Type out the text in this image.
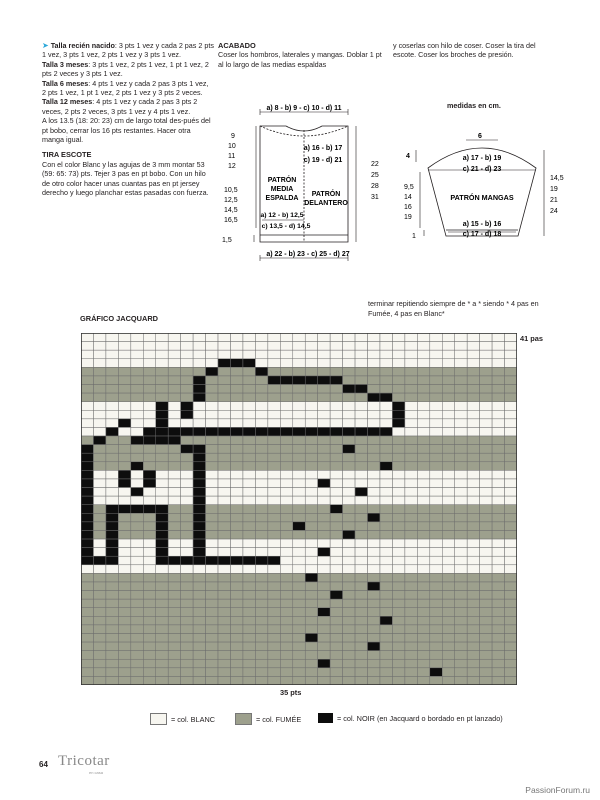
➤ Talla recién nacido: 3 pts 1 vez y cada 2 pas 2 pts 1 vez, 3 pts 1 vez, 2 pts 1 vez y 3 pts 1 vez.

Talla 3 meses: 3 pts 1 vez, 2 pts 1 vez, 1 pt 1 vez, 2 pts 2 veces y 3 pts 1 vez.

Talla 6 meses: 4 pts 1 vez y cada 2 pas 3 pts 1 vez, 2 pts 1 vez, 1 pt 1 vez, 2 pts 1 vez y 3 pts 2 veces.

Talla 12 meses: 4 pts 1 vez y cada 2 pas 3 pts 2 veces, 2 pts 2 veces, 3 pts 1 vez y 4 pts 1 vez.

A los 13.5 (18: 20: 23) cm de largo total des-pués del pt bobo, cerrar los 16 pts restantes. Hacer otra manga igual.

TIRA ESCOTE

Con el color Blanc y las agujas de 3 mm montar 53 (59: 65: 73) pts. Tejer 3 pas en pt bobo. Con un hilo de otro color hacer unas cuantas pas en pt jersey derecho y luego planchar estas pasadas con fuerza.

ACABADO

Coser los hombros, laterales y mangas. Doblar 1 pt al lo largo de las medias espaldas

y coserlas con hilo de coser. Coser la tira del escote. Coser los broches de presión.

a) 8 - b) 9 - c) 10 - d) 11
a) 16 - b) 17
c) 19 - d) 21
9
10
11
12
10,5
12,5
14,5
16,5
22
25
28
31
PATRÓN
MEDIA
ESPALDA
PATRÓN
DELANTERO
a) 12 - b) 12,5
c) 13,5 - d) 14,5
a) 22 - b) 23 - c) 25 - d) 27
1,5
medidas en cm.
6
4	a) 17 - b) 19
c) 21 - d) 23
9,5
14
16
19
14,5
19
21
24
PATRÓN MANGAS
a) 15 - b) 16
c) 17 - d) 18
1
GRÁFICO JACQUARD
terminar repitiendo siempre de * a * siendo * 4 pas en Fumée, 4 pas en Blanc*
41 pas
35 pts
= col. BLANC	= col. FUMÉE	= col. NOIR (en Jacquard o bordado en pt lanzado)
64 Tricotar
en casa
PassionForum.ru
